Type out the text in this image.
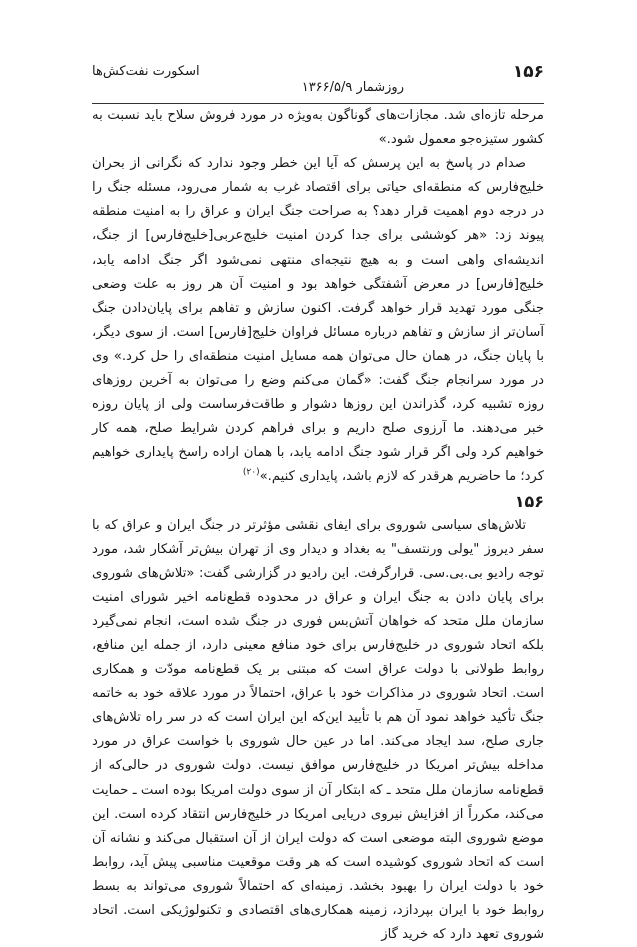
۱۵۶
اسکورت نفت‌کش‌ها
روزشمار ۱۳۶۶/۵/۹

مرحله تازه‌ای شد. مجازات‌های گوناگون به‌ویژه در مورد فروش سلاح باید نسبت به کشور ستیزه‌جو معمول شود.»

صدام در پاسخ به این پرسش که آیا این خطر وجود ندارد که نگرانی از بحران خلیج‌فارس که منطقه‌ای حیاتی برای اقتصاد غرب به شمار می‌رود، مسئله جنگ را در درجه دوم اهمیت قرار دهد؟ به صراحت جنگ ایران و عراق را به امنیت منطقه پیوند زد: «هر کوششی برای جدا کردن امنیت خلیج‌عربی[خلیج‌فارس] از جنگ، اندیشه‌ای واهی است و به هیچ نتیجه‌ای منتهی نمی‌شود اگر جنگ ادامه یابد، خلیج[فارس] در معرض آشفتگی خواهد بود و امنیت آن هر روز به علت وضعی جنگی مورد تهدید قرار خواهد گرفت. اکنون سازش و تفاهم برای پایان‌دادن جنگ آسان‌تر از سازش و تفاهم درباره مسائل فراوان خلیج[فارس] است. از سوی دیگر، با پایان جنگ، در همان حال می‌توان همه مسایل امنیت منطقه‌ای را حل کرد.» وی در مورد سرانجام جنگ گفت: «گمان می‌کنم وضع را می‌توان به آخرین روزهای روزه تشبیه کرد، گذراندن این روزها دشوار و طاقت‌فرساست ولی از پایان روزه خبر می‌دهند. ما آرزوی صلح داریم و برای فراهم کردن شرایط صلح، همه کار خواهیم کرد ولی اگر قرار شود جنگ ادامه یابد، با همان اراده راسخ پایداری خواهیم کرد؛ ما حاضریم هرقدر که لازم باشد، پایداری کنیم.»$^{(۲۰)}$

۱۵۶

تلاش‌های سیاسی شوروی برای ایفای نقشی مؤثرتر در جنگ ایران و عراق که با سفر دیروز "یولی ورنتسف" به بغداد و دیدار وی از تهران بیش‌تر آشکار شد، مورد توجه رادیو بی.بی.سی. قرارگرفت. این رادیو در گزارشی گفت: «تلاش‌های شوروی برای پایان دادن به جنگ ایران و عراق در محدوده قطع‌نامه اخیر شورای امنیت سازمان ملل متحد که خواهان آتش‌بس فوری در جنگ شده است، انجام نمی‌گیرد بلکه اتحاد شوروی در خلیج‌فارس برای خود منافع معینی دارد، از جمله این منافع، روابط طولانی با دولت عراق است که مبتنی بر یک قطع‌نامه مودّت و همکاری است. اتحاد شوروی در مذاکرات خود با عراق، احتمالاً در مورد علاقه خود به خاتمه جنگ تأکید خواهد نمود آن هم با تأیید این‌که این ایران است که در سر راه تلاش‌های جاری صلح، سد ایجاد می‌کند. اما در عین حال شوروی با خواست عراق در مورد مداخله بیش‌تر امریکا در خلیج‌فارس موافق نیست. دولت شوروی در حالی‌که از قطع‌نامه سازمان ملل متحد ـ که ابتکار آن از سوی دولت امریکا بوده است ـ حمایت می‌کند، مکرراً از افزایش نیروی دریایی امریکا در خلیج‌فارس انتقاد کرده است. این موضع شوروی البته موضعی است که دولت ایران از آن استقبال می‌کند و نشانه آن است که اتحاد شوروی کوشیده است که هر وقت موقعیت مناسبی پیش آید، روابط خود با دولت ایران را بهبود بخشد. زمینه‌ای که احتمالاً شوروی می‌تواند به بسط روابط خود با ایران بپردازد، زمینه همکاری‌های اقتصادی و تکنولوژیکی است. اتحاد شوروی تعهد دارد که خرید گاز
